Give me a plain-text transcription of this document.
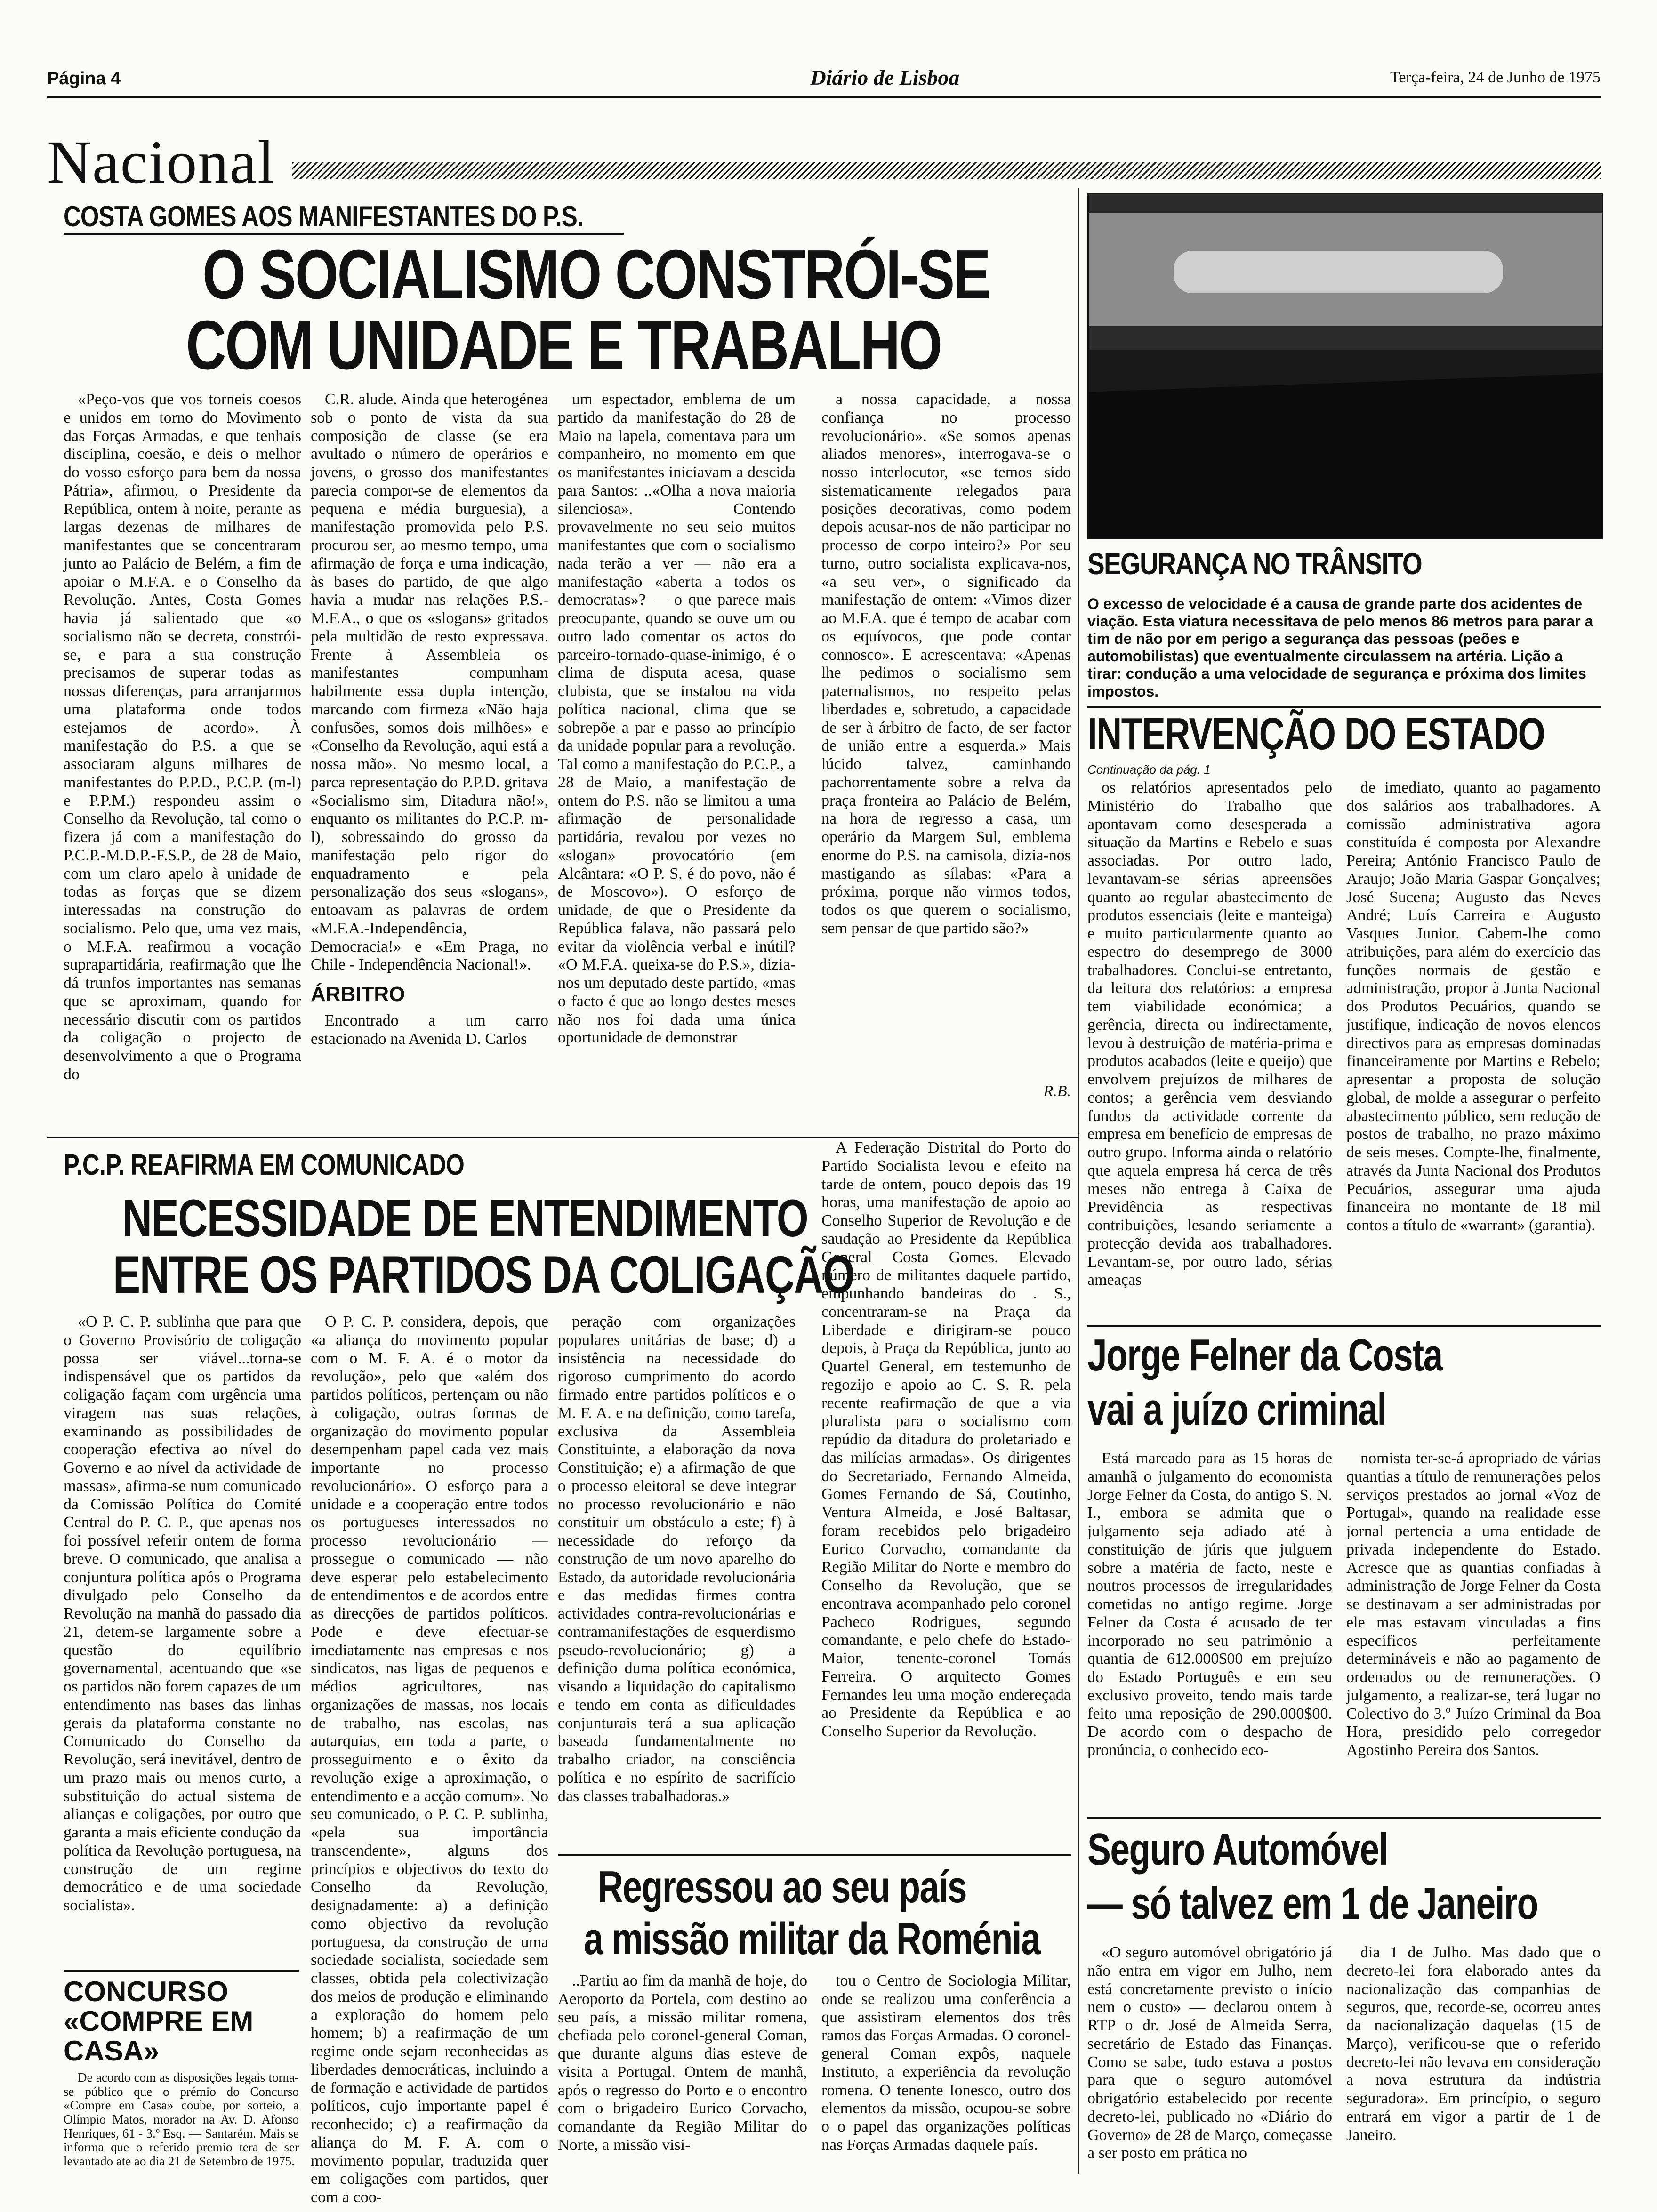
Página 4	Diário de Lisboa	Terça-feira, 24 de Junho de 1975
Nacional
COSTA GOMES AOS MANIFESTANTES DO P.S.
O SOCIALISMO CONSTRÓI-SE
COM UNIDADE E TRABALHO

«Peço-vos que vos torneis coesos e unidos em torno do Movimento das Forças Armadas, e que tenhais disciplina, coesão, e deis o melhor do vosso esforço para bem da nossa Pátria», afirmou, o Presidente da República, ontem à noite, perante as largas dezenas de milhares de manifestantes que se concentraram junto ao Palácio de Belém, a fim de apoiar o M.F.A. e o Conselho da Revolução. Antes, Costa Gomes havia já salientado que «o socialismo não se decreta, constrói-se, e para a sua construção precisamos de superar todas as nossas diferenças, para arranjarmos uma plataforma onde todos estejamos de acordo». À manifestação do P.S. a que se associaram alguns milhares de manifestantes do P.P.D., P.C.P. (m-l) e P.P.M.) respondeu assim o Conselho da Revolução, tal como o fizera já com a manifestação do P.C.P.-M.D.P.-F.S.P., de 28 de Maio, com um claro apelo à unidade de todas as forças que se dizem interessadas na construção do socialismo. Pelo que, uma vez mais, o M.F.A. reafirmou a vocação suprapartidária, reafirmação que lhe dá trunfos importantes nas semanas que se aproximam, quando for necessário discutir com os partidos da coligação o projecto de desenvolvimento a que o Programa do

C.R. alude. Ainda que heterogénea sob o ponto de vista da sua composição de classe (se era avultado o número de operários e jovens, o grosso dos manifestantes parecia compor-se de elementos da pequena e média burguesia), a manifestação promovida pelo P.S. procurou ser, ao mesmo tempo, uma afirmação de força e uma indicação, às bases do partido, de que algo havia a mudar nas relações P.S.-M.F.A., o que os «slogans» gritados pela multidão de resto expressava. Frente à Assembleia os manifestantes compunham habilmente essa dupla intenção, marcando com firmeza «Não haja confusões, somos dois milhões» e «Conselho da Revolução, aqui está a nossa mão». No mesmo local, a parca representação do P.P.D. gritava «Socialismo sim, Ditadura não!», enquanto os militantes do P.C.P. m-l), sobressaindo do grosso da manifestação pelo rigor do enquadramento e pela personalização dos seus «slogans», entoavam as palavras de ordem «M.F.A.-Independência, Democracia!» e «Em Praga, no Chile - Independência Nacional!».

ÁRBITRO

Encontrado a um carro estacionado na Avenida D. Carlos

um espectador, emblema de um partido da manifestação do 28 de Maio na lapela, comentava para um companheiro, no momento em que os manifestantes iniciavam a descida para Santos: ..«Olha a nova maioria silenciosa». Contendo provavelmente no seu seio muitos manifestantes que com o socialismo nada terão a ver — não era a manifestação «aberta a todos os democratas»? — o que parece mais preocupante, quando se ouve um ou outro lado comentar os actos do parceiro-tornado-quase-inimigo, é o clima de disputa acesa, quase clubista, que se instalou na vida política nacional, clima que se sobrepõe a par e passo ao princípio da unidade popular para a revolução. Tal como a manifestação do P.C.P., a 28 de Maio, a manifestação de ontem do P.S. não se limitou a uma afirmação de personalidade partidária, revalou por vezes no «slogan» provocatório (em Alcântara: «O P. S. é do povo, não é de Moscovo»). O esforço de unidade, de que o Presidente da República falava, não passará pelo evitar da violência verbal e inútil? «O M.F.A. queixa-se do P.S.», dizia-nos um deputado deste partido, «mas o facto é que ao longo destes meses não nos foi dada uma única oportunidade de demonstrar

a nossa capacidade, a nossa confiança no processo revolucionário». «Se somos apenas aliados menores», interrogava-se o nosso interlocutor, «se temos sido sistematicamente relegados para posições decorativas, como podem depois acusar-nos de não participar no processo de corpo inteiro?» Por seu turno, outro socialista explicava-nos, «a seu ver», o significado da manifestação de ontem: «Vimos dizer ao M.F.A. que é tempo de acabar com os equívocos, que pode contar connosco». E acrescentava: «Apenas lhe pedimos o socialismo sem paternalismos, no respeito pelas liberdades e, sobretudo, a capacidade de ser à árbitro de facto, de ser factor de união entre a esquerda.» Mais lúcido talvez, caminhando pachorrentamente sobre a relva da praça fronteira ao Palácio de Belém, na hora de regresso a casa, um operário da Margem Sul, emblema enorme do P.S. na camisola, dizia-nos mastigando as sílabas: «Para a próxima, porque não virmos todos, todos os que querem o socialismo, sem pensar de que partido são?»

R.B.
SEGURANÇA NO TRÂNSITO
O excesso de velocidade é a causa de grande parte dos acidentes de viação. Esta viatura necessitava de pelo menos 86 metros para parar a tim de não por em perigo a segurança das pessoas (peões e automobilistas) que eventualmente circulassem na artéria. Lição a tirar: condução a uma velocidade de segurança e próxima dos limites impostos.
INTERVENÇÃO DO ESTADO
Continuação da pág. 1

os relatórios apresentados pelo Ministério do Trabalho que apontavam como desesperada a situação da Martins e Rebelo e suas associadas. Por outro lado, levantavam-se sérias apreensões quanto ao regular abastecimento de produtos essenciais (leite e manteiga) e muito particularmente quanto ao espectro do desemprego de 3000 trabalhadores. Conclui-se entretanto, da leitura dos relatórios: a empresa tem viabilidade económica; a gerência, directa ou indirectamente, levou à destruição de matéria-prima e produtos acabados (leite e queijo) que envolvem prejuízos de milhares de contos; a gerência vem desviando fundos da actividade corrente da empresa em benefício de empresas de outro grupo. Informa ainda o relatório que aquela empresa há cerca de três meses não entrega à Caixa de Previdência as respectivas contribuições, lesando seriamente a protecção devida aos trabalhadores. Levantam-se, por outro lado, sérias ameaças

de imediato, quanto ao pagamento dos salários aos trabalhadores. A comissão administrativa agora constituída é composta por Alexandre Pereira; António Francisco Paulo de Araujo; João Maria Gaspar Gonçalves; José Sucena; Augusto das Neves André; Luís Carreira e Augusto Vasques Junior. Cabem-lhe como atribuições, para além do exercício das funções normais de gestão e administração, propor à Junta Nacional dos Produtos Pecuários, quando se justifique, indicação de novos elencos directivos para as empresas dominadas financeiramente por Martins e Rebelo; apresentar a proposta de solução global, de molde a assegurar o perfeito abastecimento público, sem redução de postos de trabalho, no prazo máximo de seis meses. Compte-lhe, finalmente, através da Junta Nacional dos Produtos Pecuários, assegurar uma ajuda financeira no montante de 18 mil contos a título de «warrant» (garantia).

P.C.P. REAFIRMA EM COMUNICADO
NECESSIDADE DE ENTENDIMENTO
ENTRE OS PARTIDOS DA COLIGAÇÃO

«O P. C. P. sublinha que para que o Governo Provisório de coligação possa ser viável...torna-se indispensável que os partidos da coligação façam com urgência uma viragem nas suas relações, examinando as possibilidades de cooperação efectiva ao nível do Governo e ao nível da actividade de massas», afirma-se num comunicado da Comissão Política do Comité Central do P. C. P., que apenas nos foi possível referir ontem de forma breve. O comunicado, que analisa a conjuntura política após o Programa divulgado pelo Conselho da Revolução na manhã do passado dia 21, detem-se largamente sobre a questão do equilíbrio governamental, acentuando que «se os partidos não forem capazes de um entendimento nas bases das linhas gerais da plataforma constante no Comunicado do Conselho da Revolução, será inevitável, dentro de um prazo mais ou menos curto, a substituição do actual sistema de alianças e coligações, por outro que garanta a mais eficiente condução da política da Revolução portuguesa, na construção de um regime democrático e de uma sociedade socialista».

O P. C. P. considera, depois, que «a aliança do movimento popular com o M. F. A. é o motor da revolução», pelo que «além dos partidos políticos, pertençam ou não à coligação, outras formas de organização do movimento popular desempenham papel cada vez mais importante no processo revolucionário». O esforço para a unidade e a cooperação entre todos os portugueses interessados no processo revolucionário — prossegue o comunicado — não deve esperar pelo estabelecimento de entendimentos e de acordos entre as direcções de partidos políticos. Pode e deve efectuar-se imediatamente nas empresas e nos sindicatos, nas ligas de pequenos e médios agricultores, nas organizações de massas, nos locais de trabalho, nas escolas, nas autarquias, em toda a parte, o prosseguimento e o êxito da revolução exige a aproximação, o entendimento e a acção comum». No seu comunicado, o P. C. P. sublinha, «pela sua importância transcendente», alguns dos princípios e objectivos do texto do Conselho da Revolução, designadamente: a) a definição como objectivo da revolução portuguesa, da construção de uma sociedade socialista, sociedade sem classes, obtida pela colectivização dos meios de produção e eliminando a exploração do homem pelo homem; b) a reafirmação de um regime onde sejam reconhecidas as liberdades democráticas, incluindo a de formação e actividade de partidos políticos, cujo importante papel é reconhecido; c) a reafirmação da aliança do M. F. A. com o movimento popular, traduzida quer em coligações com partidos, quer com a coo-

peração com organizações populares unitárias de base; d) a insistência na necessidade do rigoroso cumprimento do acordo firmado entre partidos políticos e o M. F. A. e na definição, como tarefa, exclusiva da Assembleia Constituinte, a elaboração da nova Constituição; e) a afirmação de que o processo eleitoral se deve integrar no processo revolucionário e não constituir um obstáculo a este; f) à necessidade do reforço da construção de um novo aparelho do Estado, da autoridade revolucionária e das medidas firmes contra actividades contra-revolucionárias e contramanifestações de esquerdismo pseudo-revolucionário; g) a definição duma política económica, visando a liquidação do capitalismo e tendo em conta as dificuldades conjunturais terá a sua aplicação baseada fundamentalmente no trabalho criador, na consciência política e no espírito de sacrifício das classes trabalhadoras.»

A Federação Distrital do Porto do Partido Socialista levou e efeito na tarde de ontem, pouco depois das 19 horas, uma manifestação de apoio ao Conselho Superior de Revolução e de saudação ao Presidente da República General Costa Gomes. Elevado número de militantes daquele partido, empunhando bandeiras do . S., concentraram-se na Praça da Liberdade e dirigiram-se pouco depois, à Praça da República, junto ao Quartel General, em testemunho de regozijo e apoio ao C. S. R. pela recente reafirmação de que a via pluralista para o socialismo com repúdio da ditadura do proletariado e das milícias armadas». Os dirigentes do Secretariado, Fernando Almeida, Gomes Fernando de Sá, Coutinho, Ventura Almeida, e José Baltasar, foram recebidos pelo brigadeiro Eurico Corvacho, comandante da Região Militar do Norte e membro do Conselho da Revolução, que se encontrava acompanhado pelo coronel Pacheco Rodrigues, segundo comandante, e pelo chefe do Estado-Maior, tenente-coronel Tomás Ferreira. O arquitecto Gomes Fernandes leu uma moção endereçada ao Presidente da República e ao Conselho Superior da Revolução.

CONCURSO «COMPRE EM CASA»

De acordo com as disposições legais torna-se público que o prémio do Concurso «Compre em Casa» coube, por sorteio, a Olímpio Matos, morador na Av. D. Afonso Henriques, 61 - 3.º Esq. — Santarém. Mais se informa que o referido premio tera de ser levantado ate ao dia 21 de Setembro de 1975.

Regressou ao seu país
a missão militar da Roménia

..Partiu ao fim da manhã de hoje, do Aeroporto da Portela, com destino ao seu país, a missão militar romena, chefiada pelo coronel-general Coman, que durante alguns dias esteve de visita a Portugal. Ontem de manhã, após o regresso do Porto e o encontro com o brigadeiro Eurico Corvacho, comandante da Região Militar do Norte, a missão visi-

tou o Centro de Sociologia Militar, onde se realizou uma conferência a que assistiram elementos dos três ramos das Forças Armadas. O coronel-general Coman expôs, naquele Instituto, a experiência da revolução romena. O tenente Ionesco, outro dos elementos da missão, ocupou-se sobre o o papel das organizações políticas nas Forças Armadas daquele país.

Jorge Felner da Costa
vai a juízo criminal

Está marcado para as 15 horas de amanhã o julgamento do economista Jorge Felner da Costa, do antigo S. N. I., embora se admita que o julgamento seja adiado até à constituição de júris que julguem sobre a matéria de facto, neste e noutros processos de irregularidades cometidas no antigo regime. Jorge Felner da Costa é acusado de ter incorporado no seu património a quantia de 612.000$00 em prejuízo do Estado Português e em seu exclusivo proveito, tendo mais tarde feito uma reposição de 290.000$00. De acordo com o despacho de pronúncia, o conhecido eco-

nomista ter-se-á apropriado de várias quantias a título de remunerações pelos serviços prestados ao jornal «Voz de Portugal», quando na realidade esse jornal pertencia a uma entidade de privada independente do Estado. Acresce que as quantias confiadas à administração de Jorge Felner da Costa se destinavam a ser administradas por ele mas estavam vinculadas a fins específicos perfeitamente determináveis e não ao pagamento de ordenados ou de remunerações. O julgamento, a realizar-se, terá lugar no Colectivo do 3.º Juízo Criminal da Boa Hora, presidido pelo corregedor Agostinho Pereira dos Santos.

Seguro Automóvel
— só talvez em 1 de Janeiro

«O seguro automóvel obrigatório já não entra em vigor em Julho, nem está concretamente previsto o início nem o custo» — declarou ontem à RTP o dr. José de Almeida Serra, secretário de Estado das Finanças. Como se sabe, tudo estava a postos para que o seguro automóvel obrigatório estabelecido por recente decreto-lei, publicado no «Diário do Governo» de 28 de Março, começasse a ser posto em prática no

dia 1 de Julho. Mas dado que o decreto-lei fora elaborado antes da nacionalização das companhias de seguros, que, recorde-se, ocorreu antes da nacionalização daquelas (15 de Março), verificou-se que o referido decreto-lei não levava em consideração a nova estrutura da indústria seguradora». Em princípio, o seguro entrará em vigor a partir de 1 de Janeiro.
